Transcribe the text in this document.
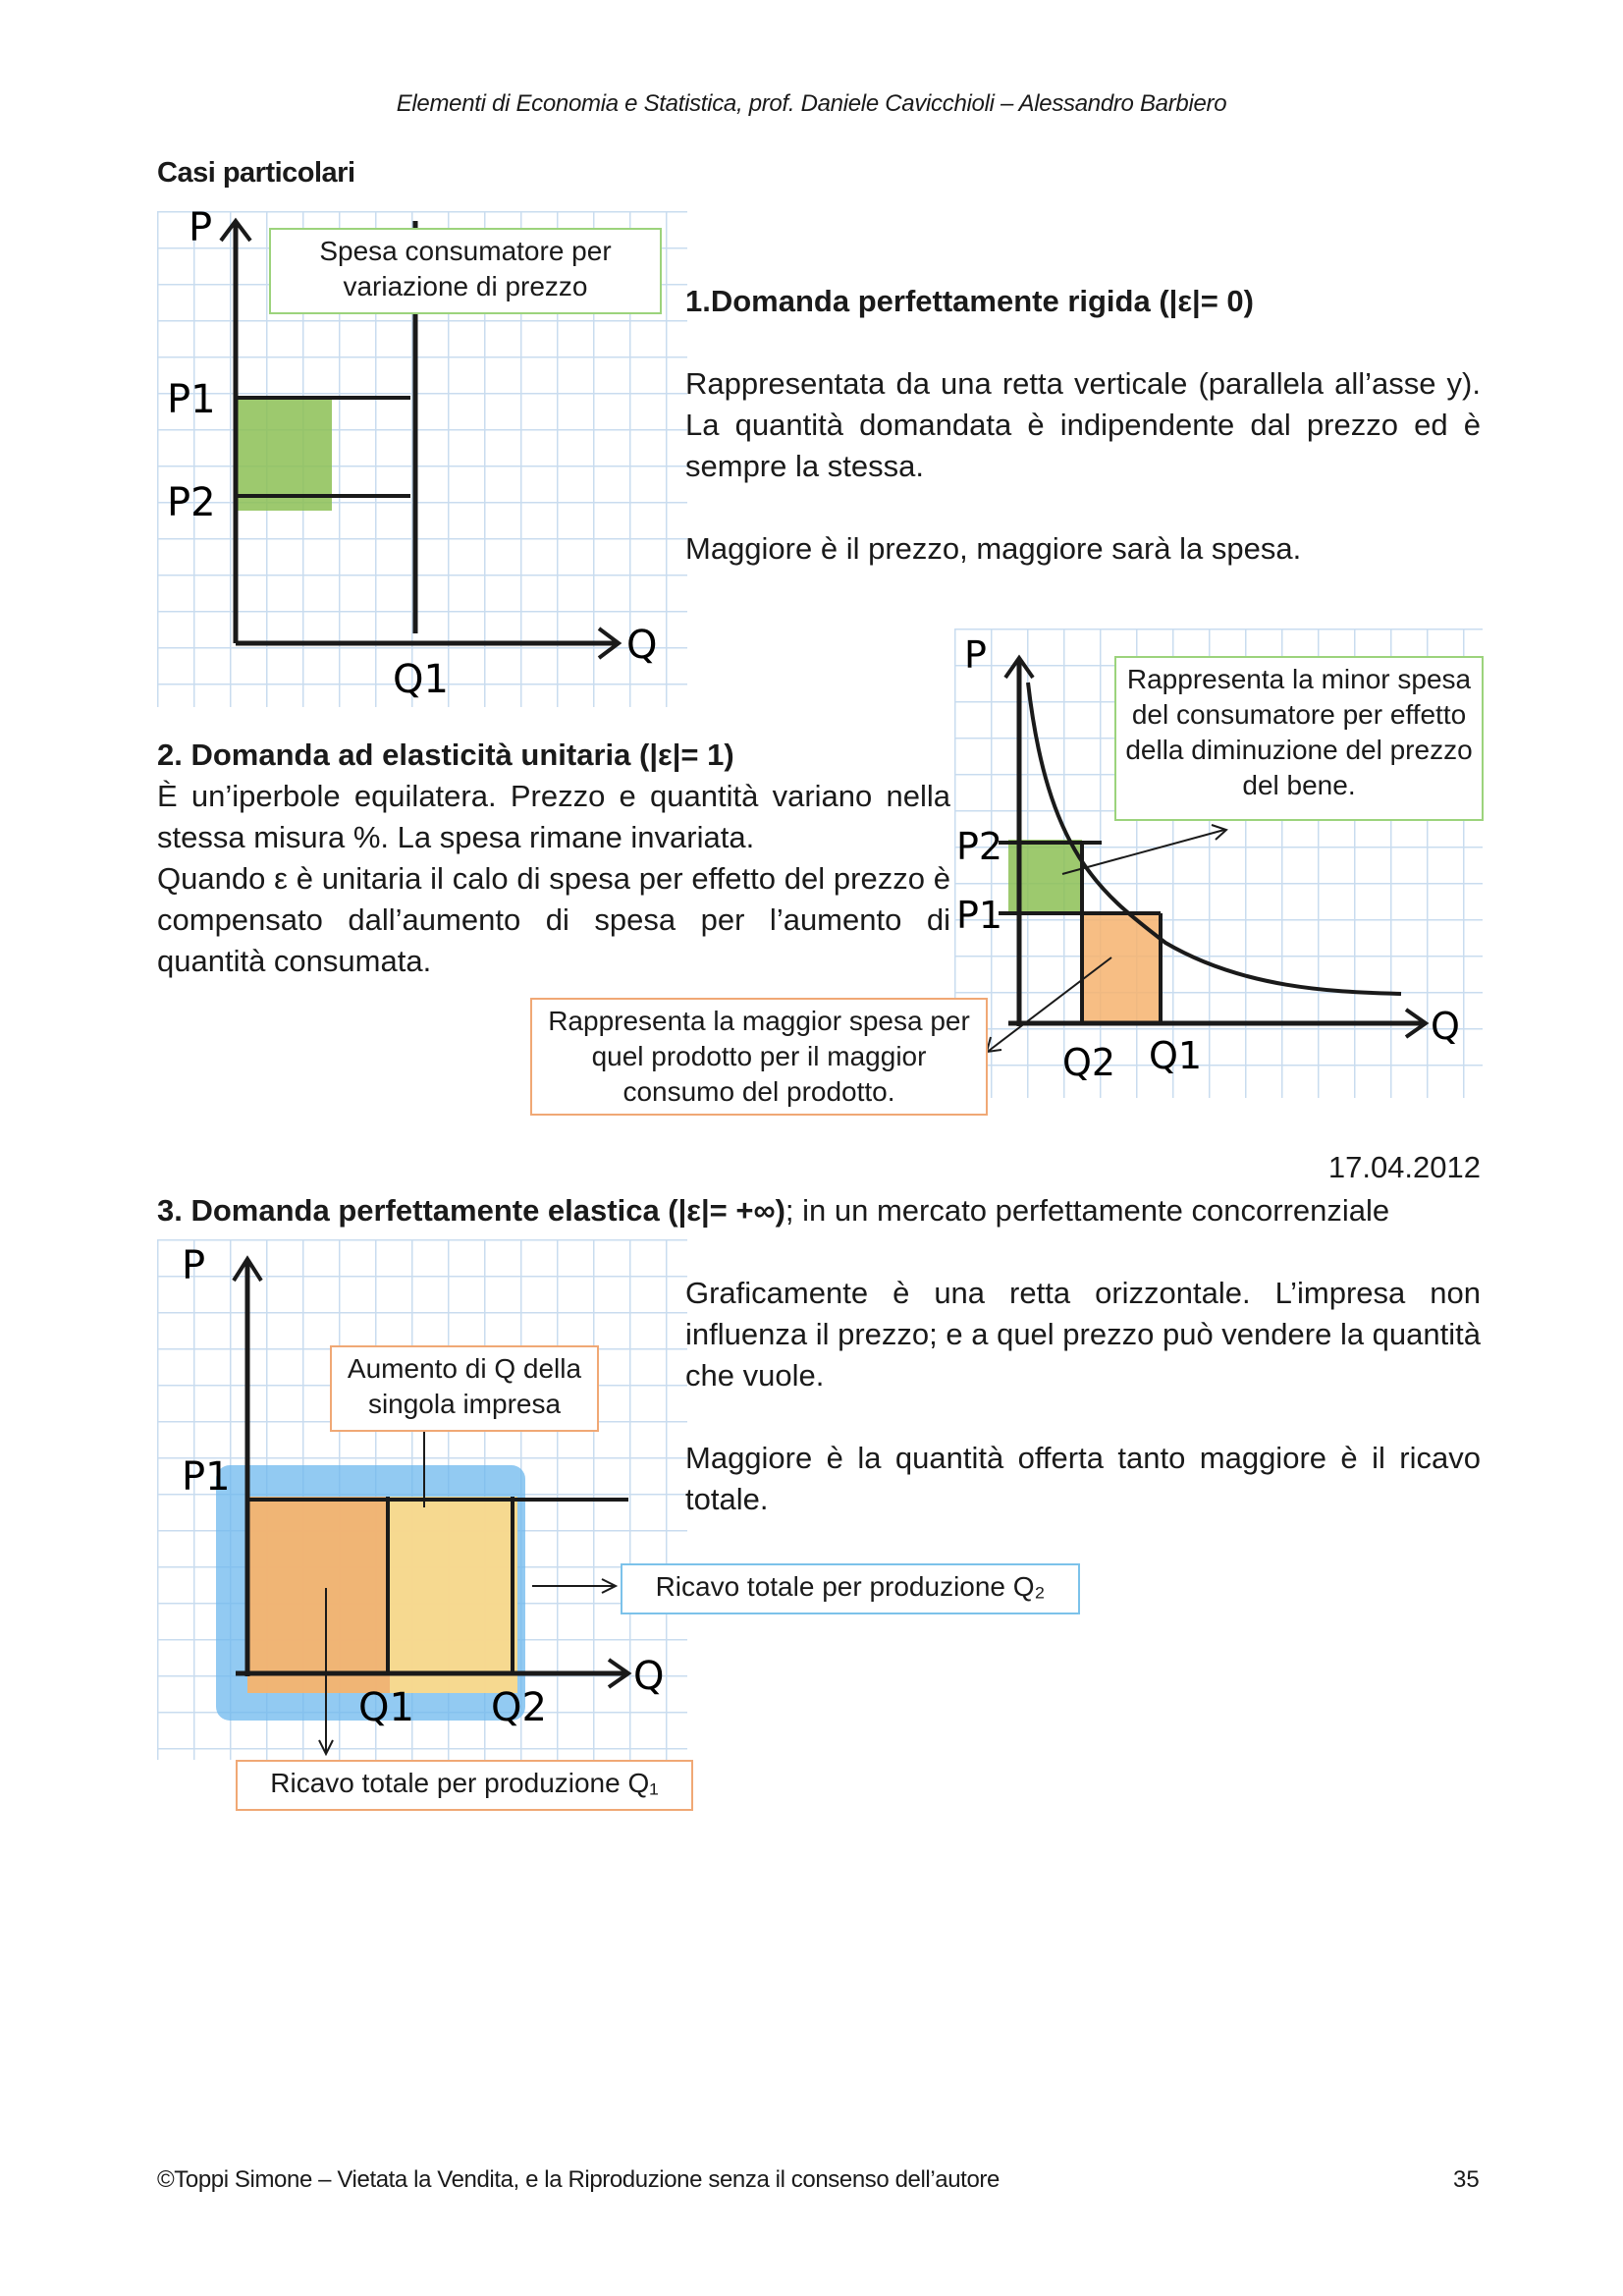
Elementi di Economia e Statistica, prof. Daniele Cavicchioli – Alessandro Barbiero
Casi particolari
P
P1
P2
Q
Q1
Spesa consumatore per variazione di prezzo	1.Domanda perfettamente rigida (|ε|= 0)
Rappresentata da una retta verticale (parallela all’asse y). La quantità domandata è indipendente dal prezzo ed è sempre la stessa.
Maggiore è il prezzo, maggiore sarà la spesa.
P
P2
P1
Q
Q2 Q1
Rappresenta la minor spesa del consumatore per effetto della diminuzione del prezzo del bene.
Rappresenta la maggior spesa per quel prodotto per il maggior consumo del prodotto.
2. Domanda ad elasticità unitaria (|ε|= 1)
È un’iperbole equilatera. Prezzo e quantità variano nella stessa misura %. La spesa rimane invariata.
Quando ε è unitaria il calo di spesa per effetto del prezzo è compensato dall’aumento di spesa per l’aumento di quantità consumata.
17.04.2012
3. Domanda perfettamente elastica (|ε|= +∞); in un mercato perfettamente concorrenziale
P
P1
Q
Q1 Q2
Aumento di Q della singola impresa
Ricavo totale per produzione Q₂
Ricavo totale per produzione Q₁
Graficamente è una retta orizzontale. L’impresa non influenza il prezzo; e a quel prezzo può vendere la quantità che vuole.
Maggiore è la quantità offerta tanto maggiore è il ricavo totale.
©Toppi Simone – Vietata la Vendita, e la Riproduzione senza il consenso dell’autore	35
